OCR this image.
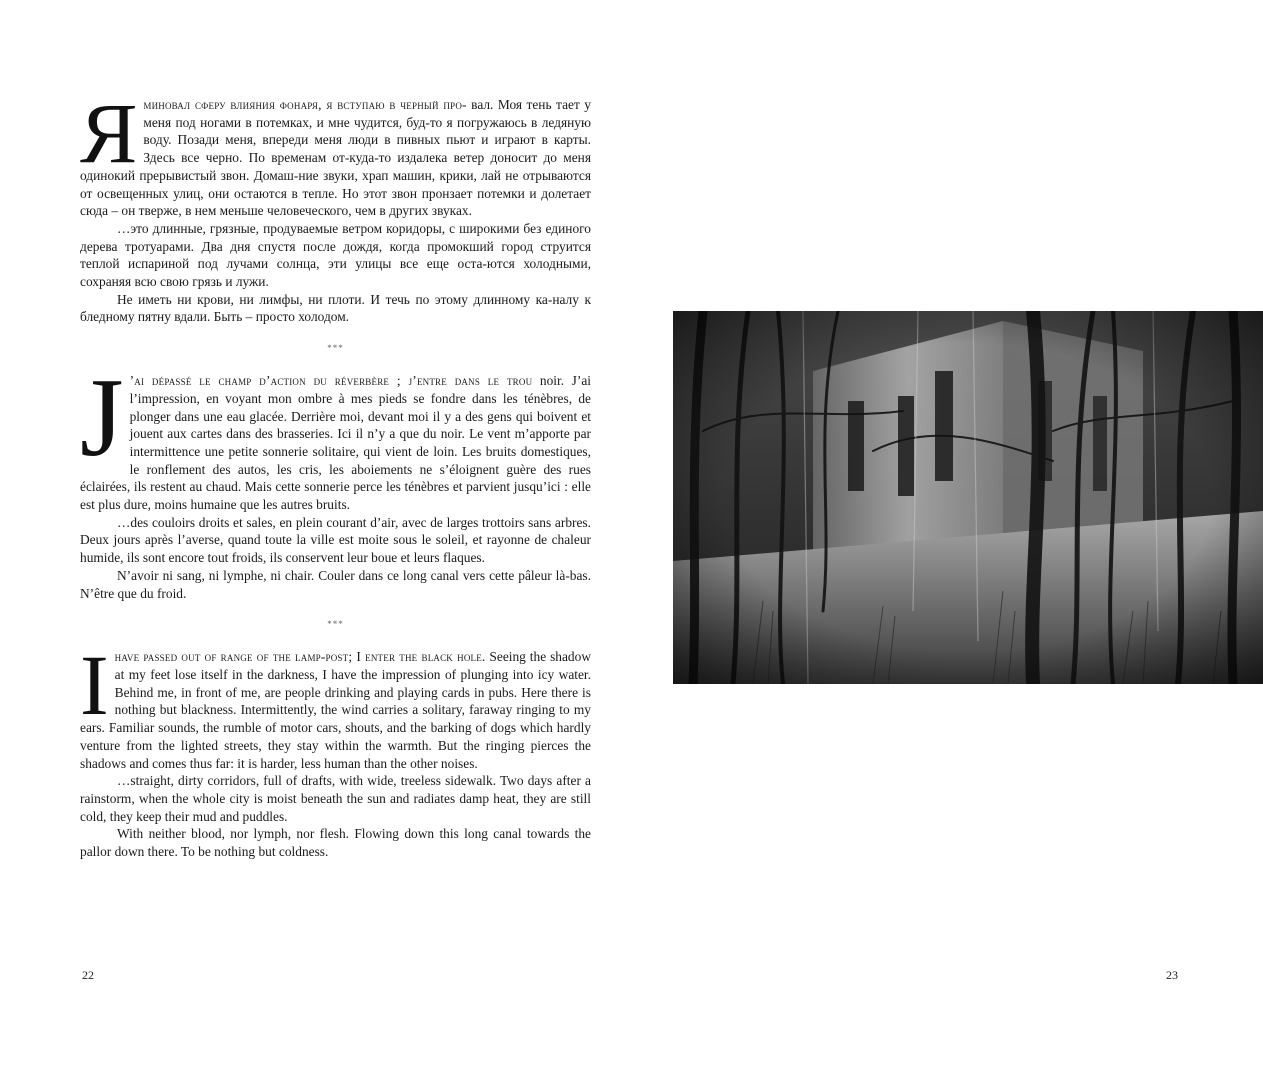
Я миновал сферу влияния фонаря, я вступаю в черный про- вал. Моя тень тает у меня под ногами в потемках, и мне чудится, буд-то я погружаюсь в ледяную воду. Позади меня, впереди меня люди в пивных пьют и играют в карты. Здесь все черно. По временам от-куда-то издалека ветер доносит до меня одинокий прерывистый звон. Домаш-ние звуки, храп машин, крики, лай не отрываются от освещенных улиц, они остаются в тепле. Но этот звон пронзает потемки и долетает сюда – он тверже, в нем меньше человеческого, чем в других звуках.

…это длинные, грязные, продуваемые ветром коридоры, с широкими без единого дерева тротуарами. Два дня спустя после дождя, когда промокший город струится теплой испариной под лучами солнца, эти улицы все еще оста-ются холодными, сохраняя всю свою грязь и лужи.

Не иметь ни крови, ни лимфы, ни плоти. И течь по этому длинному ка-налу к бледному пятну вдали. Быть – просто холодом.

***
J ’ai dépassé le champ d’action du réverbère ; j’entre dans le trou noir. J’ai l’impression, en voyant mon ombre à mes pieds se fondre dans les ténèbres, de plonger dans une eau glacée. Derrière moi, devant moi il y a des gens qui boivent et jouent aux cartes dans des brasseries. Ici il n’y a que du noir. Le vent m’apporte par intermittence une petite sonnerie solitaire, qui vient de loin. Les bruits domestiques, le ronflement des autos, les cris, les aboiements ne s’éloignent guère des rues éclairées, ils restent au chaud. Mais cette sonnerie perce les ténèbres et parvient jusqu’ici : elle est plus dure, moins humaine que les autres bruits.

…des couloirs droits et sales, en plein courant d’air, avec de larges trottoirs sans arbres. Deux jours après l’averse, quand toute la ville est moite sous le soleil, et rayonne de chaleur humide, ils sont encore tout froids, ils conservent leur boue et leurs flaques.

N’avoir ni sang, ni lymphe, ni chair. Couler dans ce long canal vers cette pâleur là-bas. N’être que du froid.

***
I have passed out of range of the lamp-post; I enter the black hole. Seeing the shadow at my feet lose itself in the darkness, I have the impression of plunging into icy water. Behind me, in front of me, are people drinking and playing cards in pubs. Here there is nothing but blackness. Intermittently, the wind carries a solitary, faraway ringing to my ears. Familiar sounds, the rumble of motor cars, shouts, and the barking of dogs which hardly venture from the lighted streets, they stay within the warmth. But the ringing pierces the shadows and comes thus far: it is harder, less human than the other noises.

…straight, dirty corridors, full of drafts, with wide, treeless sidewalk. Two days after a rainstorm, when the whole city is moist beneath the sun and radiates damp heat, they are still cold, they keep their mud and puddles.

With neither blood, nor lymph, nor flesh. Flowing down this long canal towards the pallor down there. To be nothing but coldness.

22	23
